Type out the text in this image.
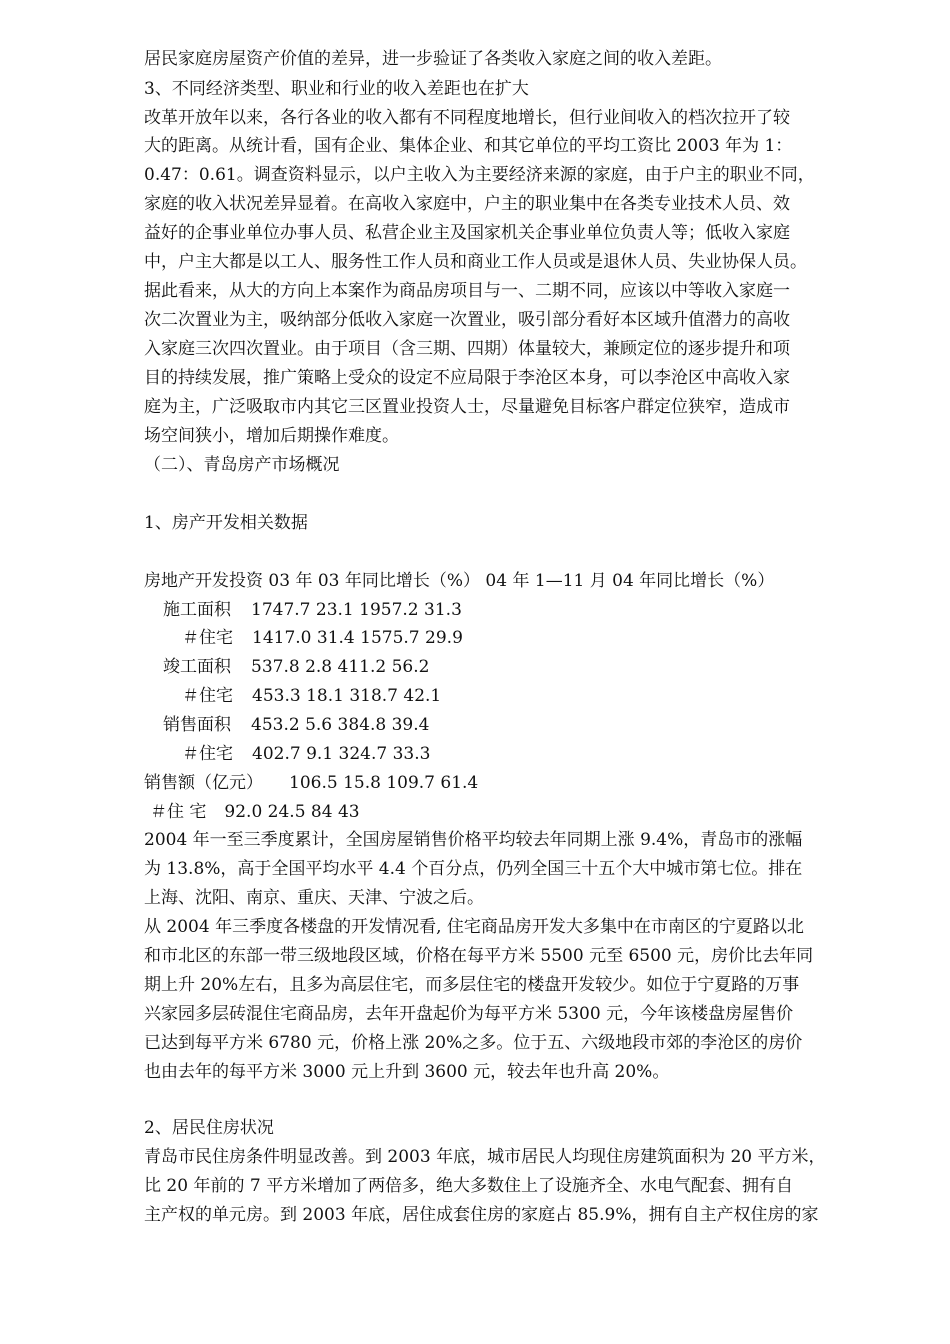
居民家庭房屋资产价值的差异，进一步验证了各类收入家庭之间的收入差距。
3、不同经济类型、职业和行业的收入差距也在扩大
改革开放年以来，各行各业的收入都有不同程度地增长，但行业间收入的档次拉开了较
大的距离。从统计看，国有企业、集体企业、和其它单位的平均工资比 2003 年为 1：
0.47：0.61。调查资料显示，以户主收入为主要经济来源的家庭，由于户主的职业不同，
家庭的收入状况差异显着。在高收入家庭中，户主的职业集中在各类专业技术人员、效
益好的企事业单位办事人员、私营企业主及国家机关企事业单位负责人等；低收入家庭
中，户主大都是以工人、服务性工作人员和商业工作人员或是退休人员、失业协保人员。
据此看来，从大的方向上本案作为商品房项目与一、二期不同，应该以中等收入家庭一
次二次置业为主，吸纳部分低收入家庭一次置业，吸引部分看好本区域升值潜力的高收
入家庭三次四次置业。由于项目（含三期、四期）体量较大，兼顾定位的逐步提升和项
目的持续发展，推广策略上受众的设定不应局限于李沧区本身，可以李沧区中高收入家
庭为主，广泛吸取市内其它三区置业投资人士，尽量避免目标客户群定位狭窄，造成市
场空间狭小，增加后期操作难度。
（二）、青岛房产市场概况
1、房产开发相关数据
房地产开发投资 03 年 03 年同比增长（%） 04 年 1—11 月 04 年同比增长（%）
施工面积 1747.7 23.1 1957.2 31.3
＃住宅 1417.0 31.4 1575.7 29.9
竣工面积 537.8 2.8 411.2 56.2
＃住宅 453.3 18.1 318.7 42.1
销售面积 453.2 5.6 384.8 39.4
＃住宅 402.7 9.1 324.7 33.3
销售额（亿元） 106.5 15.8 109.7 61.4
＃住 宅 92.0 24.5 84 43
2004 年一至三季度累计，全国房屋销售价格平均较去年同期上涨 9.4%，青岛市的涨幅
为 13.8%，高于全国平均水平 4.4 个百分点，仍列全国三十五个大中城市第七位。排在
上海、沈阳、南京、重庆、天津、宁波之后。
从 2004 年三季度各楼盘的开发情况看, 住宅商品房开发大多集中在市南区的宁夏路以北
和市北区的东部一带三级地段区域，价格在每平方米 5500 元至 6500 元，房价比去年同
期上升 20%左右，且多为高层住宅，而多层住宅的楼盘开发较少。如位于宁夏路的万事
兴家园多层砖混住宅商品房，去年开盘起价为每平方米 5300 元，今年该楼盘房屋售价
已达到每平方米 6780 元，价格上涨 20%之多。位于五、六级地段市郊的李沧区的房价
也由去年的每平方米 3000 元上升到 3600 元，较去年也升高 20%。
2、居民住房状况
青岛市民住房条件明显改善。到 2003 年底，城市居民人均现住房建筑面积为 20 平方米，
比 20 年前的 7 平方米增加了两倍多，绝大多数住上了设施齐全、水电气配套、拥有自
主产权的单元房。到 2003 年底，居住成套住房的家庭占 85.9%，拥有自主产权住房的家
